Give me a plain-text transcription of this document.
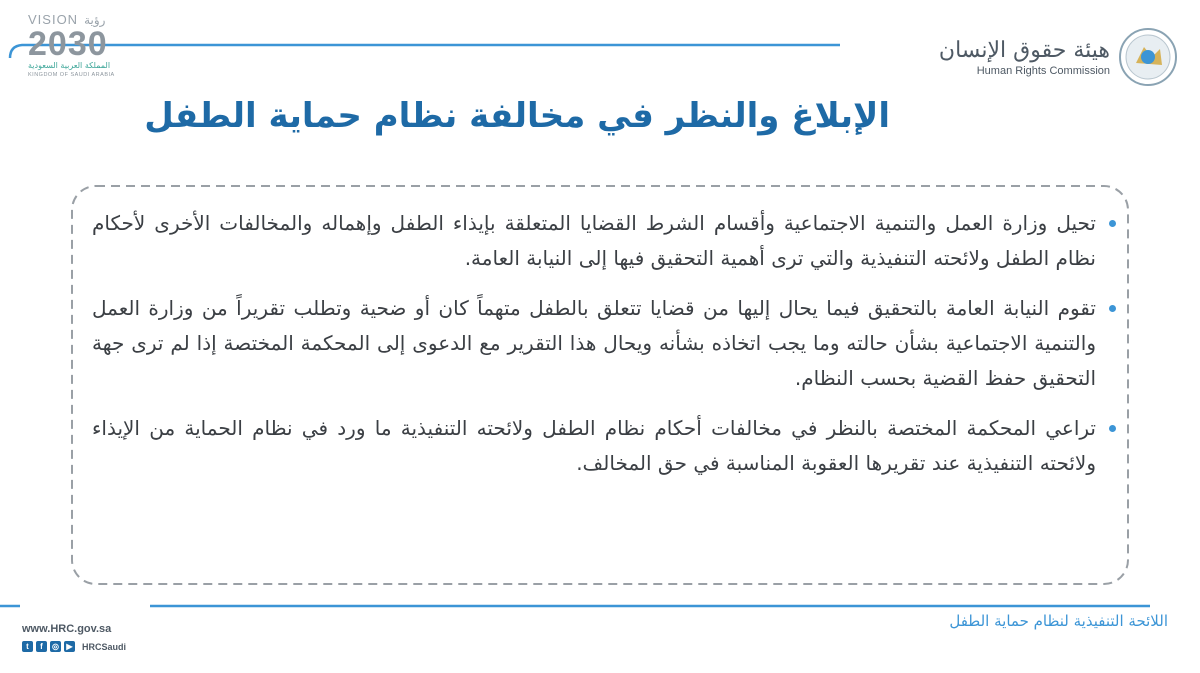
VISION رؤية
2030
المملكة العربية السعودية
KINGDOM OF SAUDI ARABIA
هيئة حقوق الإنسان
Human Rights Commission
الإبلاغ والنظر في مخالفة نظام حماية الطفل
تحيل وزارة العمل والتنمية الاجتماعية وأقسام الشرط القضايا المتعلقة بإيذاء الطفل وإهماله والمخالفات الأخرى لأحكام نظام الطفل ولائحته التنفيذية والتي ترى أهمية التحقيق فيها إلى النيابة العامة.
تقوم النيابة العامة بالتحقيق فيما يحال إليها من قضايا تتعلق بالطفل متهماً كان أو ضحية وتطلب تقريراً من وزارة العمل والتنمية الاجتماعية بشأن حالته وما يجب اتخاذه بشأنه ويحال هذا التقرير مع الدعوى إلى المحكمة المختصة إذا لم ترى جهة التحقيق حفظ القضية بحسب النظام.
تراعي المحكمة المختصة بالنظر في مخالفات أحكام نظام الطفل ولائحته التنفيذية ما ورد في نظام الحماية من الإيذاء ولائحته التنفيذية عند تقريرها العقوبة المناسبة في حق المخالف.
www.HRC.gov.sa
t	f	◎ ▶ HRCSaudi
اللائحة التنفيذية لنظام حماية الطفل
